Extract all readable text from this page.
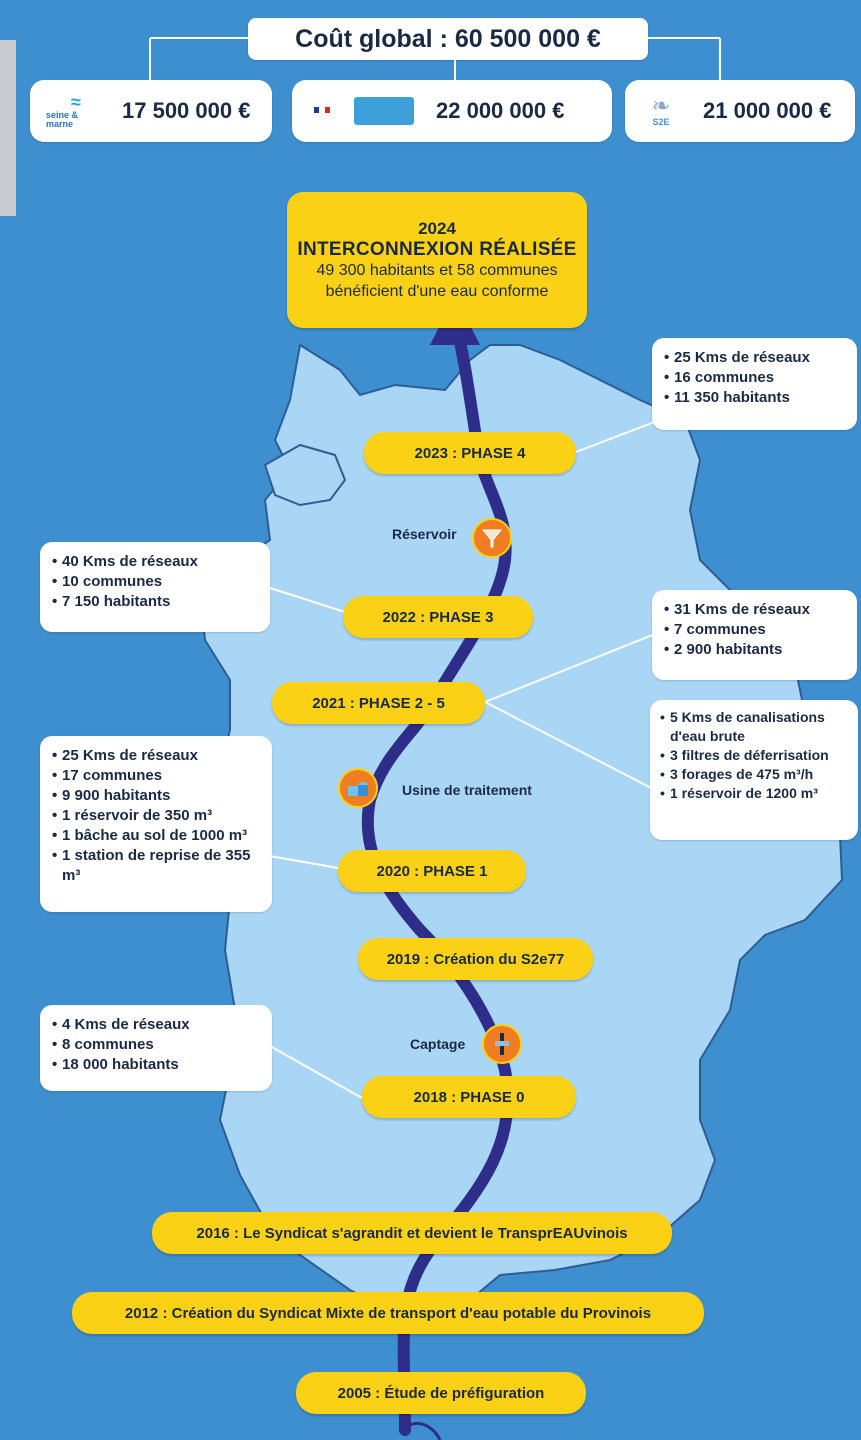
Coût global : 60 500 000 €
≈
seine & marne
17 500 000 €	22 000 000 €	❧
S2E 21 000 000 €
2024
INTERCONNEXION RÉALISÉE
49 300 habitants et 58 communes bénéficient d'une eau conforme
• 25 Kms de réseaux
• 16 communes
• 11 350 habitants
• 40 Kms de réseaux
• 10 communes
• 7 150 habitants	• 31 Kms de réseaux
• 7 communes
• 2 900 habitants
• 5 Kms de canalisations d'eau brute
• 3 filtres de déferrisation
• 3 forages de 475 m³/h
• 1 réservoir de 1200 m³
• 25 Kms de réseaux
• 17 communes
• 9 900 habitants
• 1 réservoir de 350 m³
• 1 bâche au sol de 1000 m³
• 1 station de reprise de 355 m³
• 4 Kms de réseaux
• 8 communes
• 18 000 habitants
Réservoir
Usine de traitement
Captage
2023 : PHASE 4
2022 : PHASE 3
2021 : PHASE 2 - 5
2020 : PHASE 1
2019 : Création du S2e77
2018 : PHASE 0
2016 : Le Syndicat s'agrandit et devient le TransprEAUvinois
2012 : Création du Syndicat Mixte de transport d'eau potable du Provinois
2005 : Étude de préfiguration
